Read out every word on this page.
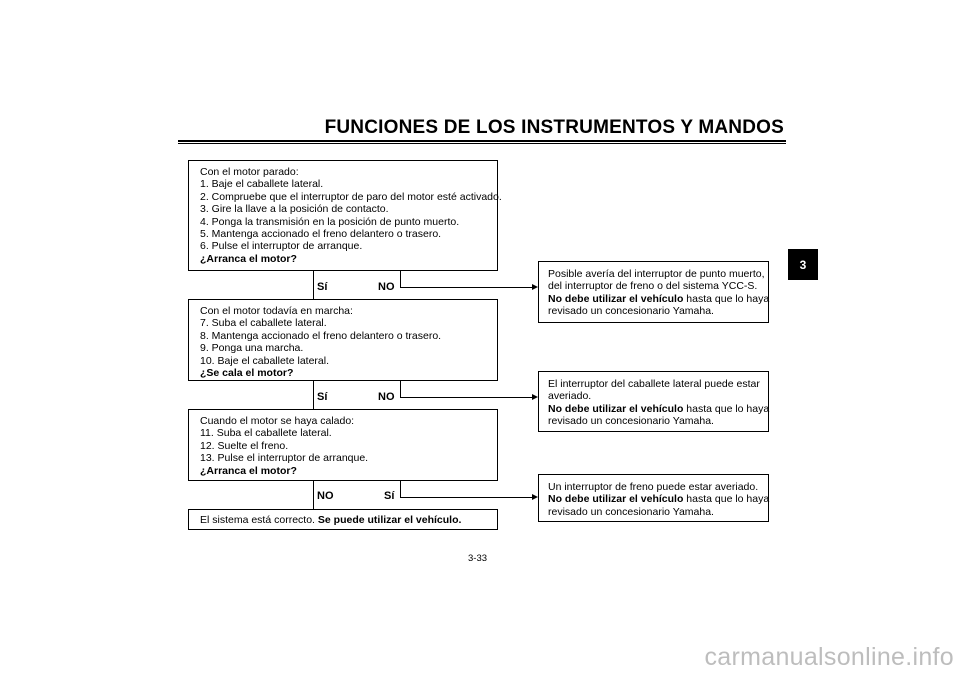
FUNCIONES DE LOS INSTRUMENTOS Y MANDOS
3
Con el motor parado:
1. Baje el caballete lateral.
2. Compruebe que el interruptor de paro del motor esté activado.
3. Gire la llave a la posición de contacto.
4. Ponga la transmisión en la posición de punto muerto.
5. Mantenga accionado el freno delantero o trasero.
6. Pulse el interruptor de arranque.
¿Arranca el motor?
Sí	NO
Posible avería del interruptor de punto muerto,
del interruptor de freno o del sistema YCC-S.
No debe utilizar el vehículo hasta que lo haya
revisado un concesionario Yamaha.
Con el motor todavía en marcha:
7. Suba el caballete lateral.
8. Mantenga accionado el freno delantero o trasero.
9. Ponga una marcha.
10. Baje el caballete lateral.
¿Se cala el motor?
Sí	NO
El interruptor del caballete lateral puede estar
averiado.
No debe utilizar el vehículo hasta que lo haya
revisado un concesionario Yamaha.
Cuando el motor se haya calado:
11. Suba el caballete lateral.
12. Suelte el freno.
13. Pulse el interruptor de arranque.
¿Arranca el motor?
NO	Sí
Un interruptor de freno puede estar averiado.
No debe utilizar el vehículo hasta que lo haya
revisado un concesionario Yamaha.
El sistema está correcto. Se puede utilizar el vehículo.
3-33
carmanualsonline.info
